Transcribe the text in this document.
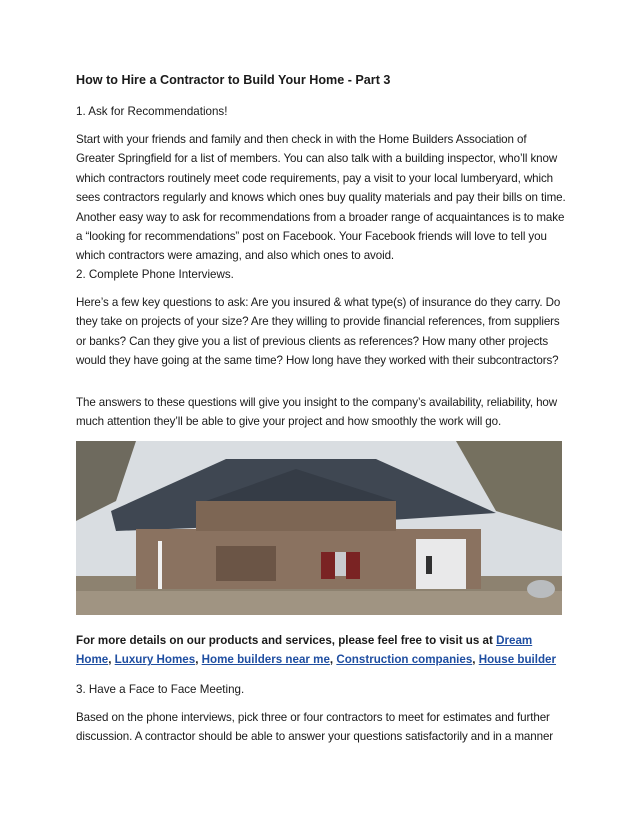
How to Hire a Contractor to Build Your Home - Part 3
1. Ask for Recommendations!
Start with your friends and family and then check in with the Home Builders Association of Greater Springfield for a list of members. You can also talk with a building inspector, who’ll know which contractors routinely meet code requirements, pay a visit to your local lumberyard, which sees contractors regularly and knows which ones buy quality materials and pay their bills on time. Another easy way to ask for recommendations from a broader range of acquaintances is to make a “looking for recommendations” post on Facebook. Your Facebook friends will love to tell you which contractors were amazing, and also which ones to avoid.
2. Complete Phone Interviews.
Here’s a few key questions to ask: Are you insured & what type(s) of insurance do they carry. Do they take on projects of your size? Are they willing to provide financial references, from suppliers or banks? Can they give you a list of previous clients as references? How many other projects would they have going at the same time? How long have they worked with their subcontractors?
The answers to these questions will give you insight to the company’s availability, reliability, how much attention they’ll be able to give your project and how smoothly the work will go.
For more details on our products and services, please feel free to visit us at Dream Home, Luxury Homes, Home builders near me, Construction companies, House builder
3. Have a Face to Face Meeting.
Based on the phone interviews, pick three or four contractors to meet for estimates and further discussion. A contractor should be able to answer your questions satisfactorily and in a manner
